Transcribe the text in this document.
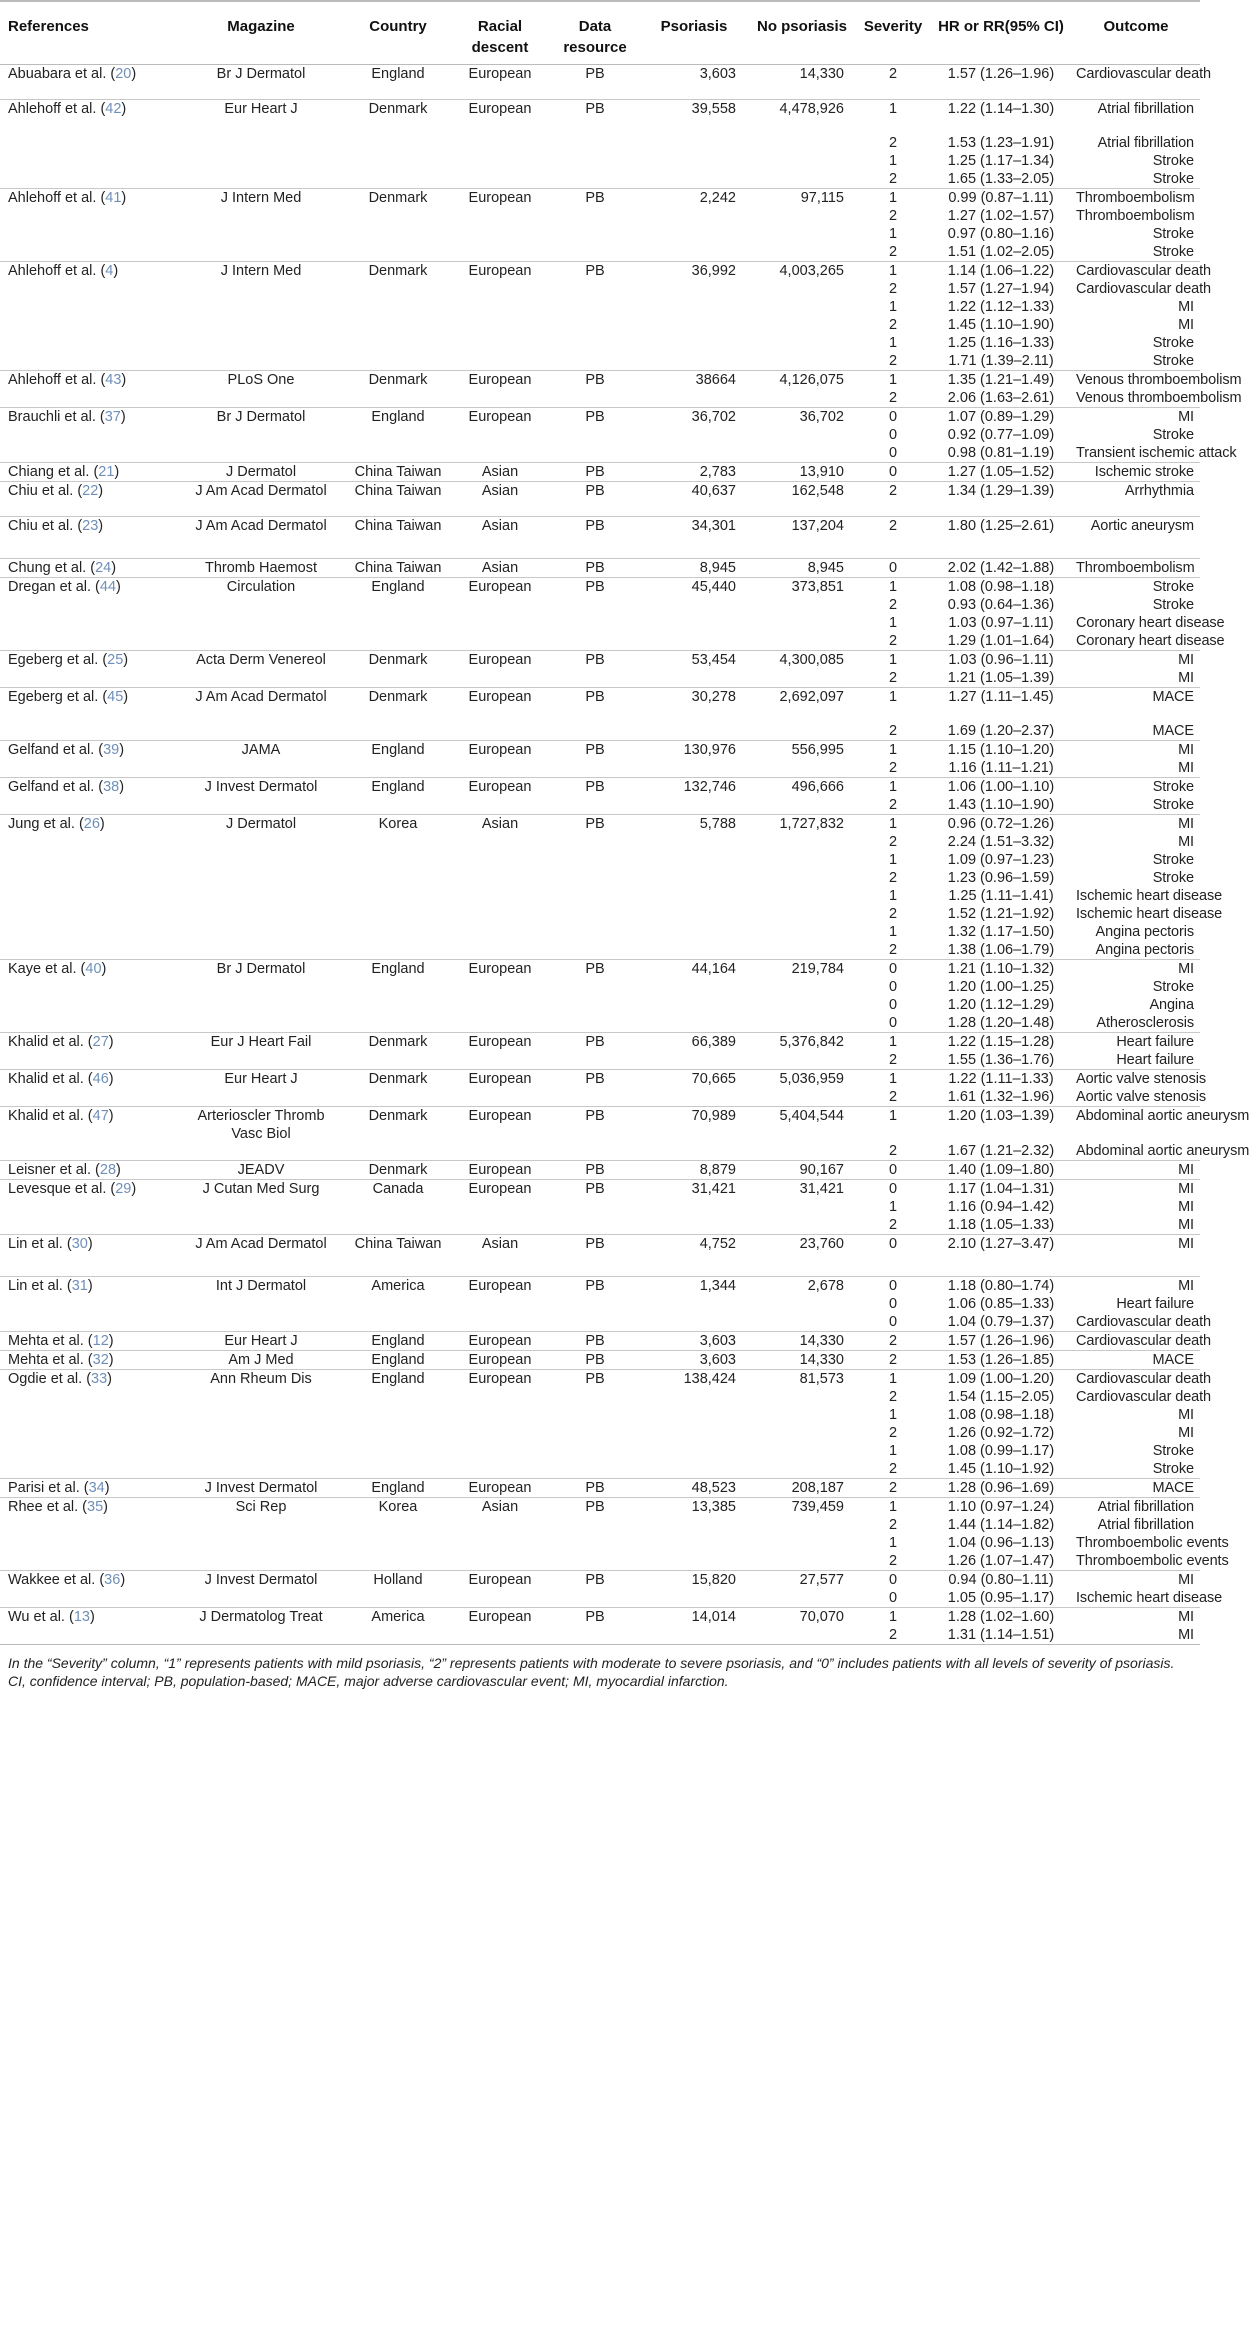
References	Magazine	Country	Racial descent	Data resource	Psoriasis	No psoriasis	Severity	HR or RR(95% CI)	Outcome
Abuabara et al. (20)	Br J Dermatol	England	European	PB	3,603	14,330	2	1.57 (1.26–1.96)	Cardiovascular death
Ahlehoff et al. (42)	Eur Heart J	Denmark	European	PB	39,558	4,478,926	1	1.22 (1.14–1.30)	Atrial fibrillation
							2	1.53 (1.23–1.91)	Atrial fibrillation
							1	1.25 (1.17–1.34)	Stroke
							2	1.65 (1.33–2.05)	Stroke
Ahlehoff et al. (41)	J Intern Med	Denmark	European	PB	2,242	97,115	1	0.99 (0.87–1.11)	Thromboembolism
							2	1.27 (1.02–1.57)	Thromboembolism
							1	0.97 (0.80–1.16)	Stroke
							2	1.51 (1.02–2.05)	Stroke
Ahlehoff et al. (4)	J Intern Med	Denmark	European	PB	36,992	4,003,265	1	1.14 (1.06–1.22)	Cardiovascular death
							2	1.57 (1.27–1.94)	Cardiovascular death
							1	1.22 (1.12–1.33)	MI
							2	1.45 (1.10–1.90)	MI
							1	1.25 (1.16–1.33)	Stroke
							2	1.71 (1.39–2.11)	Stroke
Ahlehoff et al. (43)	PLoS One	Denmark	European	PB	38664	4,126,075	1	1.35 (1.21–1.49)	Venous thromboembolism
							2	2.06 (1.63–2.61)	Venous thromboembolism
Brauchli et al. (37)	Br J Dermatol	England	European	PB	36,702	36,702	0	1.07 (0.89–1.29)	MI
							0	0.92 (0.77–1.09)	Stroke
							0	0.98 (0.81–1.19)	Transient ischemic attack
Chiang et al. (21)	J Dermatol	China Taiwan	Asian	PB	2,783	13,910	0	1.27 (1.05–1.52)	Ischemic stroke
Chiu et al. (22)	J Am Acad Dermatol	China Taiwan	Asian	PB	40,637	162,548	2	1.34 (1.29–1.39)	Arrhythmia
Chiu et al. (23)	J Am Acad Dermatol	China Taiwan	Asian	PB	34,301	137,204	2	1.80 (1.25–2.61)	Aortic aneurysm
Chung et al. (24)	Thromb Haemost	China Taiwan	Asian	PB	8,945	8,945	0	2.02 (1.42–1.88)	Thromboembolism
Dregan et al. (44)	Circulation	England	European	PB	45,440	373,851	1	1.08 (0.98–1.18)	Stroke
							2	0.93 (0.64–1.36)	Stroke
							1	1.03 (0.97–1.11)	Coronary heart disease
							2	1.29 (1.01–1.64)	Coronary heart disease
Egeberg et al. (25)	Acta Derm Venereol	Denmark	European	PB	53,454	4,300,085	1	1.03 (0.96–1.11)	MI
							2	1.21 (1.05–1.39)	MI
Egeberg et al. (45)	J Am Acad Dermatol	Denmark	European	PB	30,278	2,692,097	1	1.27 (1.11–1.45)	MACE
							2	1.69 (1.20–2.37)	MACE
Gelfand et al. (39)	JAMA	England	European	PB	130,976	556,995	1	1.15 (1.10–1.20)	MI
							2	1.16 (1.11–1.21)	MI
Gelfand et al. (38)	J Invest Dermatol	England	European	PB	132,746	496,666	1	1.06 (1.00–1.10)	Stroke
							2	1.43 (1.10–1.90)	Stroke
Jung et al. (26)	J Dermatol	Korea	Asian	PB	5,788	1,727,832	1	0.96 (0.72–1.26)	MI
							2	2.24 (1.51–3.32)	MI
							1	1.09 (0.97–1.23)	Stroke
							2	1.23 (0.96–1.59)	Stroke
							1	1.25 (1.11–1.41)	Ischemic heart disease
							2	1.52 (1.21–1.92)	Ischemic heart disease
							1	1.32 (1.17–1.50)	Angina pectoris
							2	1.38 (1.06–1.79)	Angina pectoris
Kaye et al. (40)	Br J Dermatol	England	European	PB	44,164	219,784	0	1.21 (1.10–1.32)	MI
							0	1.20 (1.00–1.25)	Stroke
							0	1.20 (1.12–1.29)	Angina
							0	1.28 (1.20–1.48)	Atherosclerosis
Khalid et al. (27)	Eur J Heart Fail	Denmark	European	PB	66,389	5,376,842	1	1.22 (1.15–1.28)	Heart failure
							2	1.55 (1.36–1.76)	Heart failure
Khalid et al. (46)	Eur Heart J	Denmark	European	PB	70,665	5,036,959	1	1.22 (1.11–1.33)	Aortic valve stenosis
							2	1.61 (1.32–1.96)	Aortic valve stenosis
Khalid et al. (47)	Arterioscler Thromb Vasc Biol	Denmark	European	PB	70,989	5,404,544	1	1.20 (1.03–1.39)	Abdominal aortic aneurysm
							2	1.67 (1.21–2.32)	Abdominal aortic aneurysm
Leisner et al. (28)	JEADV	Denmark	European	PB	8,879	90,167	0	1.40 (1.09–1.80)	MI
Levesque et al. (29)	J Cutan Med Surg	Canada	European	PB	31,421	31,421	0	1.17 (1.04–1.31)	MI
							1	1.16 (0.94–1.42)	MI
							2	1.18 (1.05–1.33)	MI
Lin et al. (30)	J Am Acad Dermatol	China Taiwan	Asian	PB	4,752	23,760	0	2.10 (1.27–3.47)	MI
Lin et al. (31)	Int J Dermatol	America	European	PB	1,344	2,678	0	1.18 (0.80–1.74)	MI
							0	1.06 (0.85–1.33)	Heart failure
							0	1.04 (0.79–1.37)	Cardiovascular death
Mehta et al. (12)	Eur Heart J	England	European	PB	3,603	14,330	2	1.57 (1.26–1.96)	Cardiovascular death
Mehta et al. (32)	Am J Med	England	European	PB	3,603	14,330	2	1.53 (1.26–1.85)	MACE
Ogdie et al. (33)	Ann Rheum Dis	England	European	PB	138,424	81,573	1	1.09 (1.00–1.20)	Cardiovascular death
							2	1.54 (1.15–2.05)	Cardiovascular death
							1	1.08 (0.98–1.18)	MI
							2	1.26 (0.92–1.72)	MI
							1	1.08 (0.99–1.17)	Stroke
							2	1.45 (1.10–1.92)	Stroke
Parisi et al. (34)	J Invest Dermatol	England	European	PB	48,523	208,187	2	1.28 (0.96–1.69)	MACE
Rhee et al. (35)	Sci Rep	Korea	Asian	PB	13,385	739,459	1	1.10 (0.97–1.24)	Atrial fibrillation
							2	1.44 (1.14–1.82)	Atrial fibrillation
							1	1.04 (0.96–1.13)	Thromboembolic events
							2	1.26 (1.07–1.47)	Thromboembolic events
Wakkee et al. (36)	J Invest Dermatol	Holland	European	PB	15,820	27,577	0	0.94 (0.80–1.11)	MI
							0	1.05 (0.95–1.17)	Ischemic heart disease
Wu et al. (13)	J Dermatolog Treat	America	European	PB	14,014	70,070	1	1.28 (1.02–1.60)	MI
							2	1.31 (1.14–1.51)	MI
In the “Severity” column, “1” represents patients with mild psoriasis, “2” represents patients with moderate to severe psoriasis, and “0” includes patients with all levels of severity of psoriasis. CI, confidence interval; PB, population-based; MACE, major adverse cardiovascular event; MI, myocardial infarction.									
